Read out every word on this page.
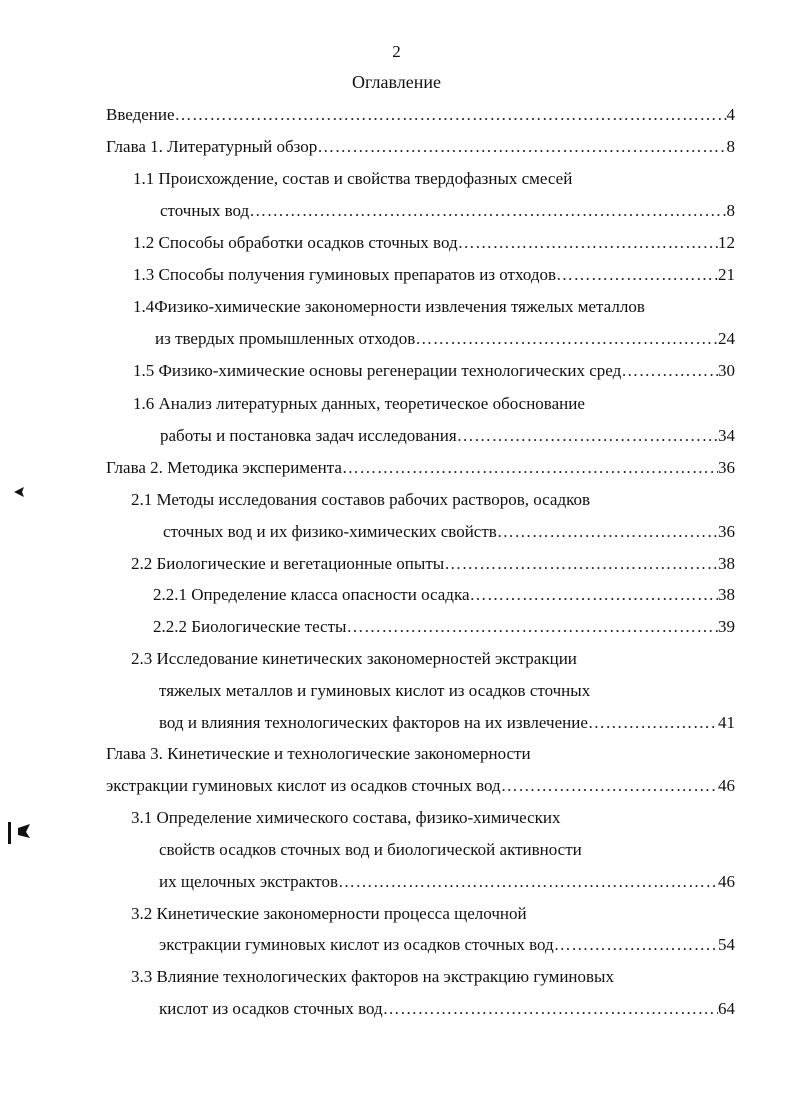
2
Оглавление
Введение ………………………………………………………………………………………………………………………………………………………………………………………………	4
Глава 1. Литературный обзор ………………………………………………………………………………………………………………………………………………………………………………………………	8
1.1 Происхождение, состав и свойства твердофазных смесей
сточных вод ………………………………………………………………………………………………………………………………………………………………………………………………	8
1.2 Способы обработки осадков сточных вод ………………………………………………………………………………………………………………………………………………………………………………………………	12
1.3 Способы получения гуминовых препаратов из отходов ………………………………………………………………………………………………………………………………………………………………………………………………	21
1.4Физико-химические закономерности извлечения тяжелых металлов
из твердых промышленных отходов ………………………………………………………………………………………………………………………………………………………………………………………………	24
1.5 Физико-химические основы регенерации технологических сред ………………………………………………………………………………………………………………………………………………………………………………………………	30
1.6 Анализ литературных данных, теоретическое обоснование
работы и постановка задач исследования ………………………………………………………………………………………………………………………………………………………………………………………………	34
Глава 2. Методика эксперимента ………………………………………………………………………………………………………………………………………………………………………………………………	36
2.1 Методы исследования составов рабочих растворов, осадков
сточных вод и их физико-химических свойств ………………………………………………………………………………………………………………………………………………………………………………………………	36
2.2 Биологические и вегетационные опыты ………………………………………………………………………………………………………………………………………………………………………………………………	38
2.2.1 Определение класса опасности осадка ………………………………………………………………………………………………………………………………………………………………………………………………	38
2.2.2 Биологические тесты ………………………………………………………………………………………………………………………………………………………………………………………………	39
2.3 Исследование кинетических закономерностей экстракции
тяжелых металлов и гуминовых кислот из осадков сточных
вод и влияния технологических факторов на их извлечение ………………………………………………………………………………………………………………………………………………………………………………………………	41
Глава 3. Кинетические и технологические закономерности
экстракции гуминовых кислот из осадков сточных вод ………………………………………………………………………………………………………………………………………………………………………………………………	46
3.1 Определение химического состава, физико-химических
свойств осадков сточных вод и биологической активности
их щелочных экстрактов ………………………………………………………………………………………………………………………………………………………………………………………………	46
3.2 Кинетические закономерности процесса щелочной
экстракции гуминовых кислот из осадков сточных вод ………………………………………………………………………………………………………………………………………………………………………………………………	54
3.3 Влияние технологических факторов на экстракцию гуминовых
кислот из осадков сточных вод ………………………………………………………………………………………………………………………………………………………………………………………………	64
